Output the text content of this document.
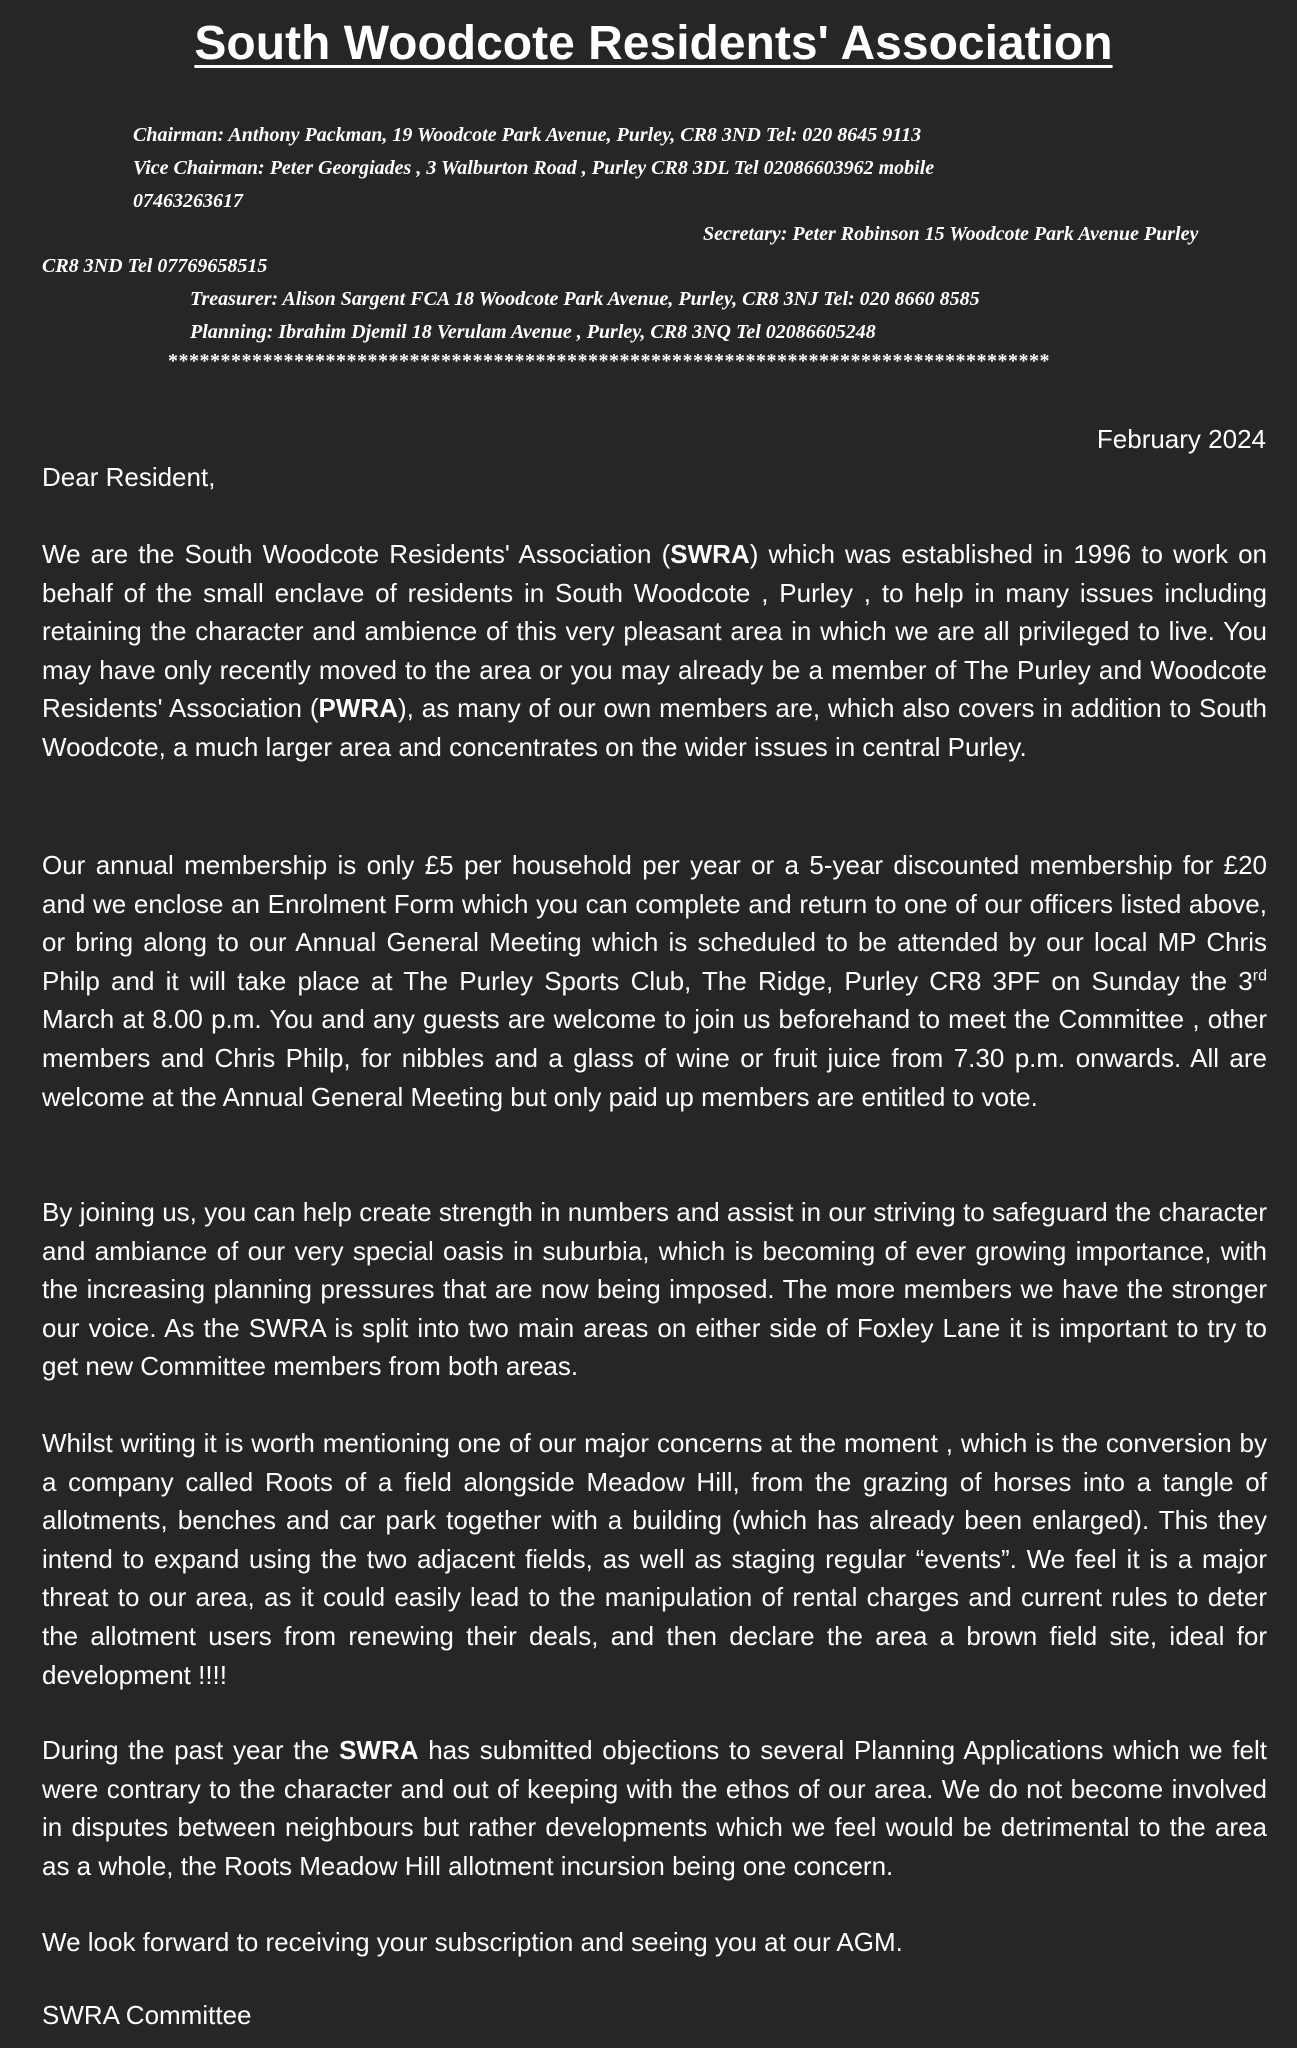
South Woodcote Residents' Association

Chairman: Anthony Packman, 19 Woodcote Park Avenue, Purley, CR8 3ND Tel: 020 8645 9113

Vice Chairman: Peter Georgiades , 3 Walburton Road , Purley CR8 3DL Tel 02086603962 mobile

07463263617

Secretary: Peter Robinson 15 Woodcote Park Avenue Purley

CR8 3ND Tel 07769658515

Treasurer: Alison Sargent FCA 18 Woodcote Park Avenue, Purley, CR8 3NJ Tel: 020 8660 8585

Planning: Ibrahim Djemil 18 Verulam Avenue , Purley, CR8 3NQ Tel 02086605248

************************************************************************************

February 2024

Dear Resident,

We are the South Woodcote Residents' Association (SWRA) which was established in 1996 to work on behalf of the small enclave of residents in South Woodcote , Purley , to help in many issues including retaining the character and ambience of this very pleasant area in which we are all privileged to live. You may have only recently moved to the area or you may already be a member of The Purley and Woodcote Residents' Association (PWRA), as many of our own members are, which also covers in addition to South Woodcote, a much larger area and concentrates on the wider issues in central Purley.

Our annual membership is only £5 per household per year or a 5-year discounted membership for £20 and we enclose an Enrolment Form which you can complete and return to one of our officers listed above, or bring along to our Annual General Meeting which is scheduled to be attended by our local MP Chris Philp and it will take place at The Purley Sports Club, The Ridge, Purley CR8 3PF on Sunday the 3rd March at 8.00 p.m. You and any guests are welcome to join us beforehand to meet the Committee , other members and Chris Philp, for nibbles and a glass of wine or fruit juice from 7.30 p.m. onwards. All are welcome at the Annual General Meeting but only paid up members are entitled to vote.

By joining us, you can help create strength in numbers and assist in our striving to safeguard the character and ambiance of our very special oasis in suburbia, which is becoming of ever growing importance, with the increasing planning pressures that are now being imposed. The more members we have the stronger our voice. As the SWRA is split into two main areas on either side of Foxley Lane it is important to try to get new Committee members from both areas.

Whilst writing it is worth mentioning one of our major concerns at the moment , which is the conversion by a company called Roots of a field alongside Meadow Hill, from the grazing of horses into a tangle of allotments, benches and car park together with a building (which has already been enlarged). This they intend to expand using the two adjacent fields, as well as staging regular “events”. We feel it is a major threat to our area, as it could easily lead to the manipulation of rental charges and current rules to deter the allotment users from renewing their deals, and then declare the area a brown field site, ideal for development !!!!

During the past year the SWRA has submitted objections to several Planning Applications which we felt were contrary to the character and out of keeping with the ethos of our area. We do not become involved in disputes between neighbours but rather developments which we feel would be detrimental to the area as a whole, the Roots Meadow Hill allotment incursion being one concern.

We look forward to receiving your subscription and seeing you at our AGM.

SWRA Committee
